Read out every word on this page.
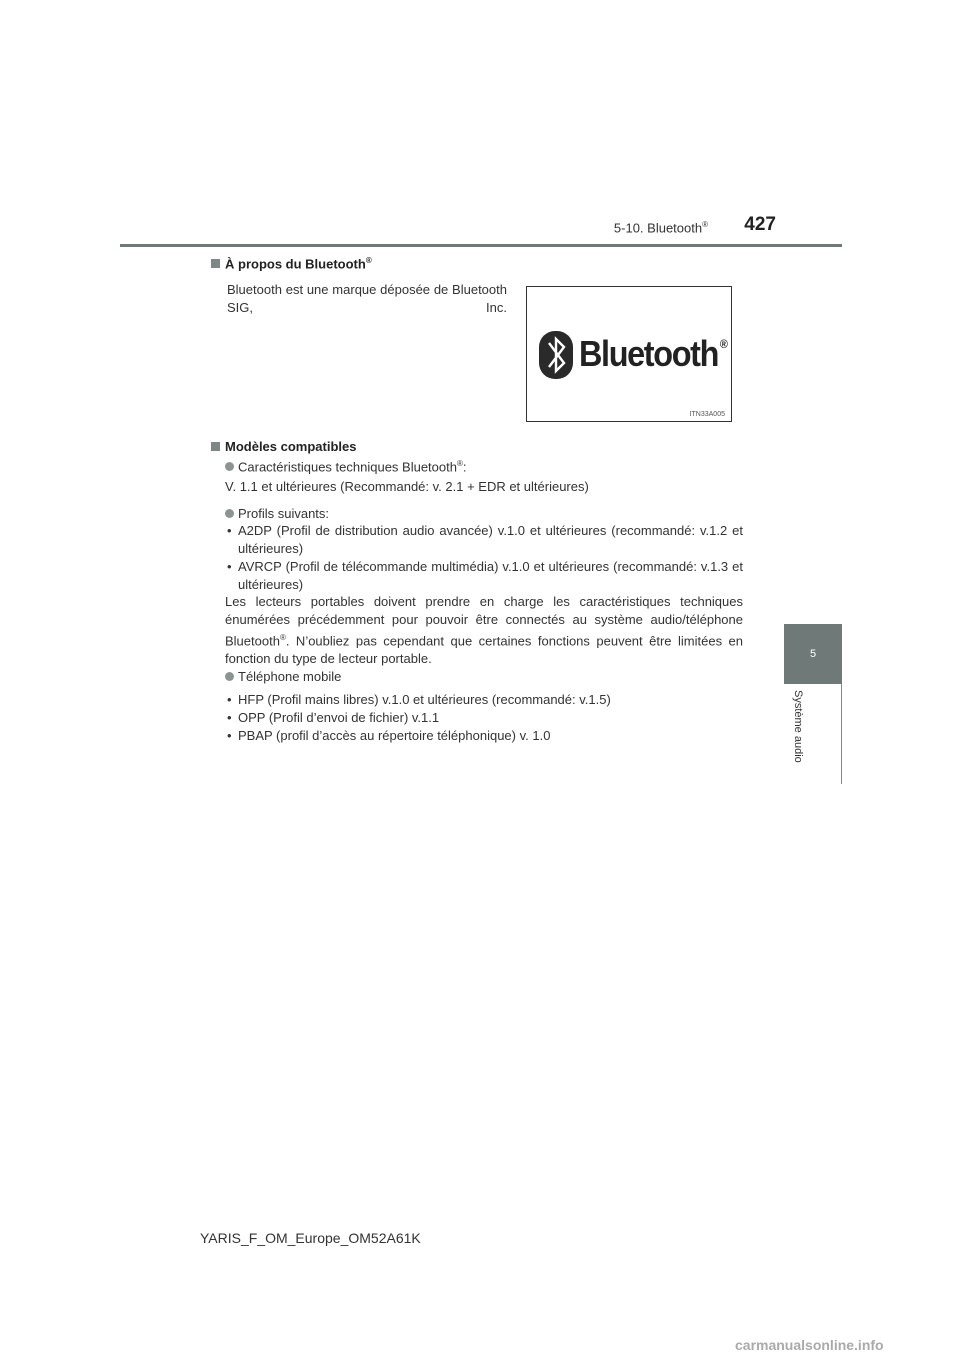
5-10. Bluetooth®	427
5
Système audio
À propos du Bluetooth®
Bluetooth est une marque déposée de Bluetooth SIG, Inc.
Bluetooth ®
ITN33A005
Modèles compatibles
Caractéristiques techniques Bluetooth®:
V. 1.1 et ultérieures (Recommandé: v. 2.1 + EDR et ultérieures)
Profils suivants:
• A2DP (Profil de distribution audio avancée) v.1.0 et ultérieures (recommandé: v.1.2 et ultérieures)
• AVRCP (Profil de télécommande multimédia) v.1.0 et ultérieures (recommandé: v.1.3 et ultérieures)
Les lecteurs portables doivent prendre en charge les caractéristiques techniques énumérées précédemment pour pouvoir être connectés au système audio/téléphone Bluetooth®. N’oubliez pas cependant que certaines fonctions peuvent être limitées en fonction du type de lecteur portable.
Téléphone mobile
• HFP (Profil mains libres) v.1.0 et ultérieures (recommandé: v.1.5)
• OPP (Profil d’envoi de fichier) v.1.1
• PBAP (profil d’accès au répertoire téléphonique) v. 1.0
YARIS_F_OM_Europe_OM52A61K
carmanualsonline.info
